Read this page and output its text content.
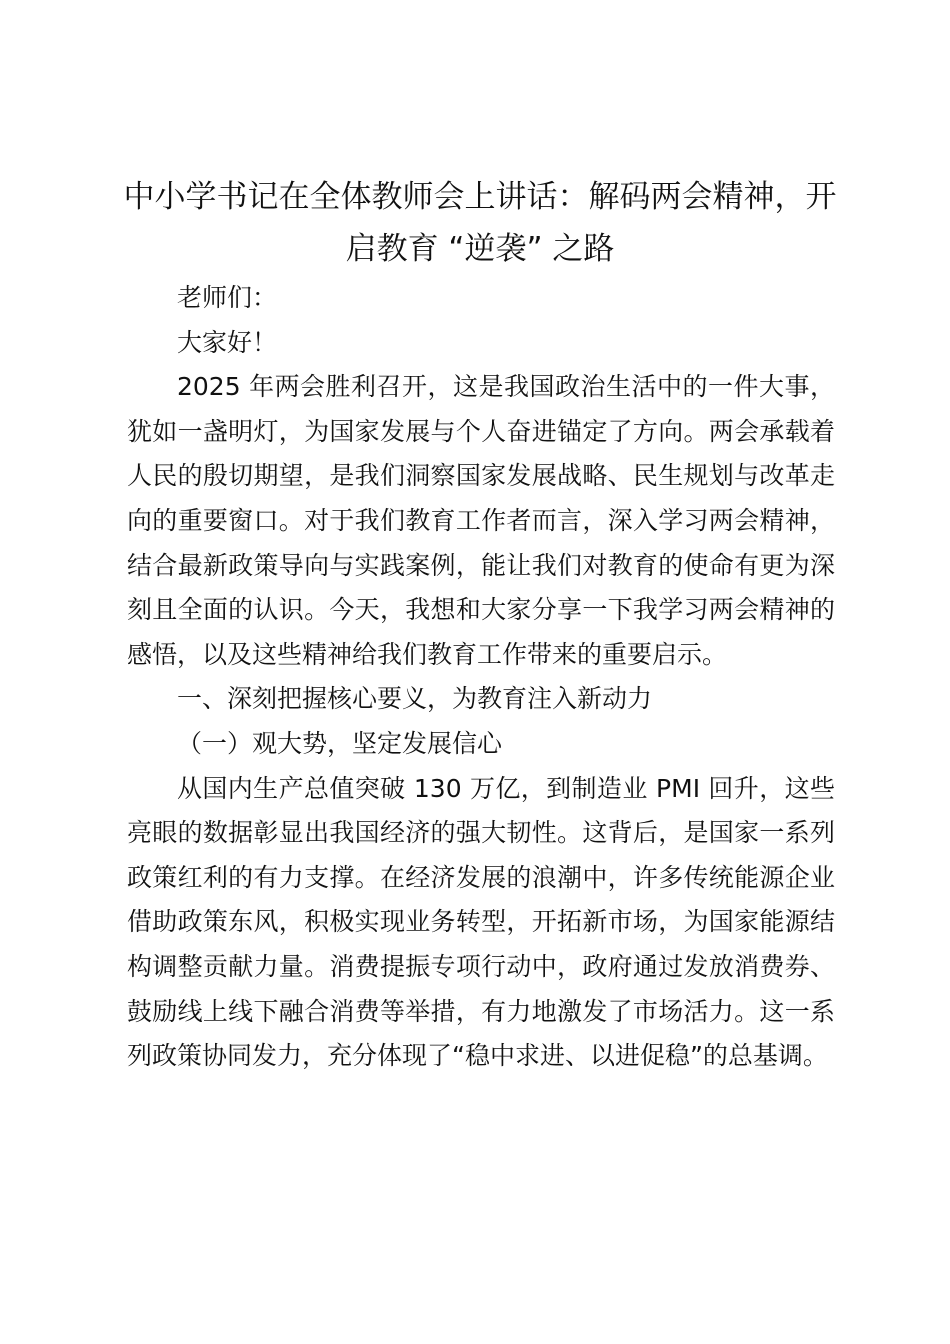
中小学书记在全体教师会上讲话：解码两会精神，开启教育 “逆袭” 之路

老师们：

大家好！

2025 年两会胜利召开，这是我国政治生活中的一件大事，犹如一盏明灯，为国家发展与个人奋进锚定了方向。两会承载着人民的殷切期望，是我们洞察国家发展战略、民生规划与改革走向的重要窗口。对于我们教育工作者而言，深入学习两会精神，结合最新政策导向与实践案例，能让我们对教育的使命有更为深刻且全面的认识。今天，我想和大家分享一下我学习两会精神的感悟，以及这些精神给我们教育工作带来的重要启示。

一、深刻把握核心要义，为教育注入新动力

（一）观大势，坚定发展信心

从国内生产总值突破 130 万亿，到制造业 PMI 回升，这些亮眼的数据彰显出我国经济的强大韧性。这背后，是国家一系列政策红利的有力支撑。在经济发展的浪潮中，许多传统能源企业借助政策东风，积极实现业务转型，开拓新市场，为国家能源结构调整贡献力量。消费提振专项行动中，政府通过发放消费券、鼓励线上线下融合消费等举措，有力地激发了市场活力。这一系列政策协同发力，充分体现了“稳中求进、以进促稳”的总基调。
